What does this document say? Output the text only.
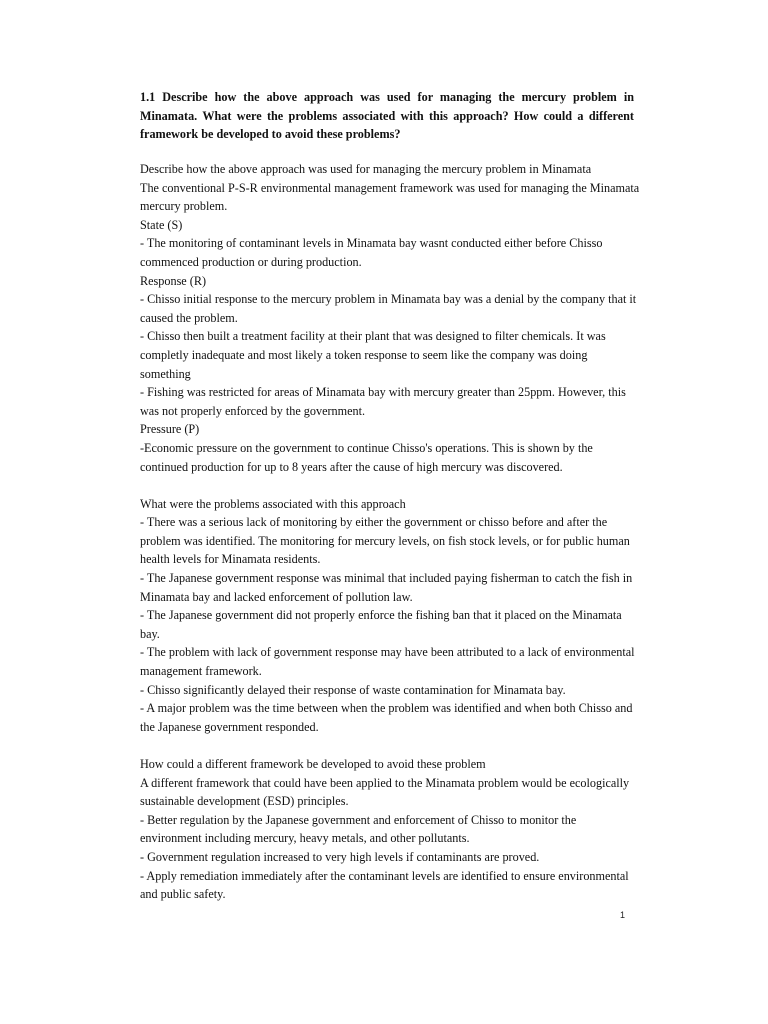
1.1 Describe how the above approach was used for managing the mercury problem in Minamata. What were the problems associated with this approach? How could a different framework be developed to avoid these problems?

Describe how the above approach was used for managing the mercury problem in Minamata

The conventional P-S-R environmental management framework was used for managing the Minamata mercury problem.

State (S)

- The monitoring of contaminant levels in Minamata bay wasnt conducted either before Chisso commenced production or during production.

Response (R)

- Chisso initial response to the mercury problem in Minamata bay was a denial by the company that it caused the problem.

- Chisso then built a treatment facility at their plant that was designed to filter chemicals. It was completly inadequate and most likely a token response to seem like the company was doing something

- Fishing was restricted for areas of Minamata bay with mercury greater than 25ppm. However, this was not properly enforced by the government.

Pressure (P)

-Economic pressure on the government to continue Chisso's operations. This is shown by the continued production for up to 8 years after the cause of high mercury was discovered.

What were the problems associated with this approach

- There was a serious lack of monitoring by either the government or chisso before and after the problem was identified. The monitoring for mercury levels, on fish stock levels, or for public human health levels for Minamata residents.

- The Japanese government response was minimal that included paying fisherman to catch the fish in Minamata bay and lacked enforcement of pollution law.

- The Japanese government did not properly enforce the fishing ban that it placed on the Minamata bay.

- The problem with lack of government response may have been attributed to a lack of environmental management framework.

- Chisso significantly delayed their response of waste contamination for Minamata bay.

- A major problem was the time between when the problem was identified and when both Chisso and the Japanese government responded.

How could a different framework be developed to avoid these problem

A different framework that could have been applied to the Minamata problem would be ecologically sustainable development (ESD) principles.

- Better regulation by the Japanese government and enforcement of Chisso to monitor the environment including mercury, heavy metals, and other pollutants.

- Government regulation increased to very high levels if contaminants are proved.

- Apply remediation immediately after the contaminant levels are identified to ensure environmental and public safety.

1
